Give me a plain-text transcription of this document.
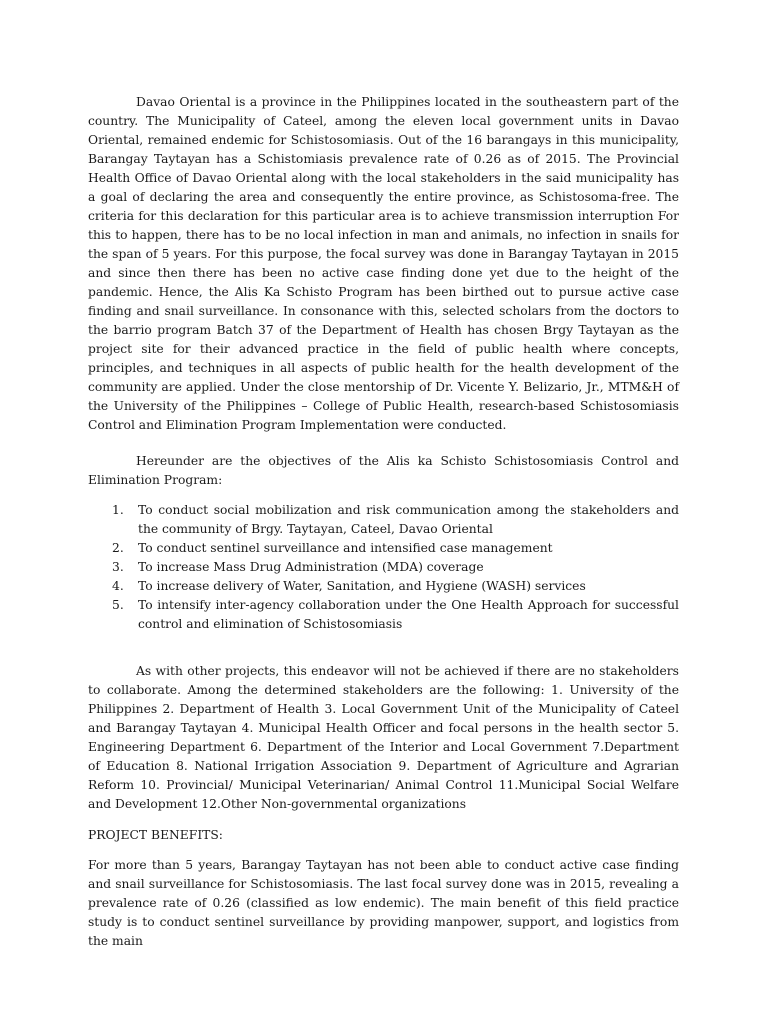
Davao Oriental is a province in the Philippines located in the southeastern part of the country. The Municipality of Cateel, among the eleven local government units in Davao Oriental, remained endemic for Schistosomiasis. Out of the 16 barangays in this municipality, Barangay Taytayan has a Schistomiasis prevalence rate of 0.26 as of 2015. The Provincial Health Office of Davao Oriental along with the local stakeholders in the said municipality has a goal of declaring the area and consequently the entire province, as Schistosoma-free. The criteria for this declaration for this particular area is to achieve transmission interruption For this to happen, there has to be no local infection in man and animals, no infection in snails for the span of 5 years. For this purpose, the focal survey was done in Barangay Taytayan in 2015 and since then there has been no active case finding done yet due to the height of the pandemic. Hence, the Alis Ka Schisto Program has been birthed out to pursue active case finding and snail surveillance. In consonance with this, selected scholars from the doctors to the barrio program Batch 37 of the Department of Health has chosen Brgy Taytayan as the project site for their advanced practice in the field of public health where concepts, principles, and techniques in all aspects of public health for the health development of the community are applied. Under the close mentorship of Dr. Vicente Y. Belizario, Jr., MTM&H of the University of the Philippines – College of Public Health, research-based Schistosomiasis Control and Elimination Program Implementation were conducted.

Hereunder are the objectives of the Alis ka Schisto Schistosomiasis Control and Elimination Program:

1. To conduct social mobilization and risk communication among the stakeholders and the community of Brgy. Taytayan, Cateel, Davao Oriental
2. To conduct sentinel surveillance and intensified case management
3. To increase Mass Drug Administration (MDA) coverage
4. To increase delivery of Water, Sanitation, and Hygiene (WASH) services
5. To intensify inter-agency collaboration under the One Health Approach for successful control and elimination of Schistosomiasis

As with other projects, this endeavor will not be achieved if there are no stakeholders to collaborate. Among the determined stakeholders are the following: 1. University of the Philippines 2. Department of Health 3. Local Government Unit of the Municipality of Cateel and Barangay Taytayan 4. Municipal Health Officer and focal persons in the health sector 5. Engineering Department 6. Department of the Interior and Local Government 7.Department of Education 8. National Irrigation Association 9. Department of Agriculture and Agrarian Reform 10. Provincial/ Municipal Veterinarian/ Animal Control 11.Municipal Social Welfare and Development 12.Other Non-governmental organizations

PROJECT BENEFITS:

For more than 5 years, Barangay Taytayan has not been able to conduct active case finding and snail surveillance for Schistosomiasis. The last focal survey done was in 2015, revealing a prevalence rate of 0.26 (classified as low endemic). The main benefit of this field practice study is to conduct sentinel surveillance by providing manpower, support, and logistics from the main
